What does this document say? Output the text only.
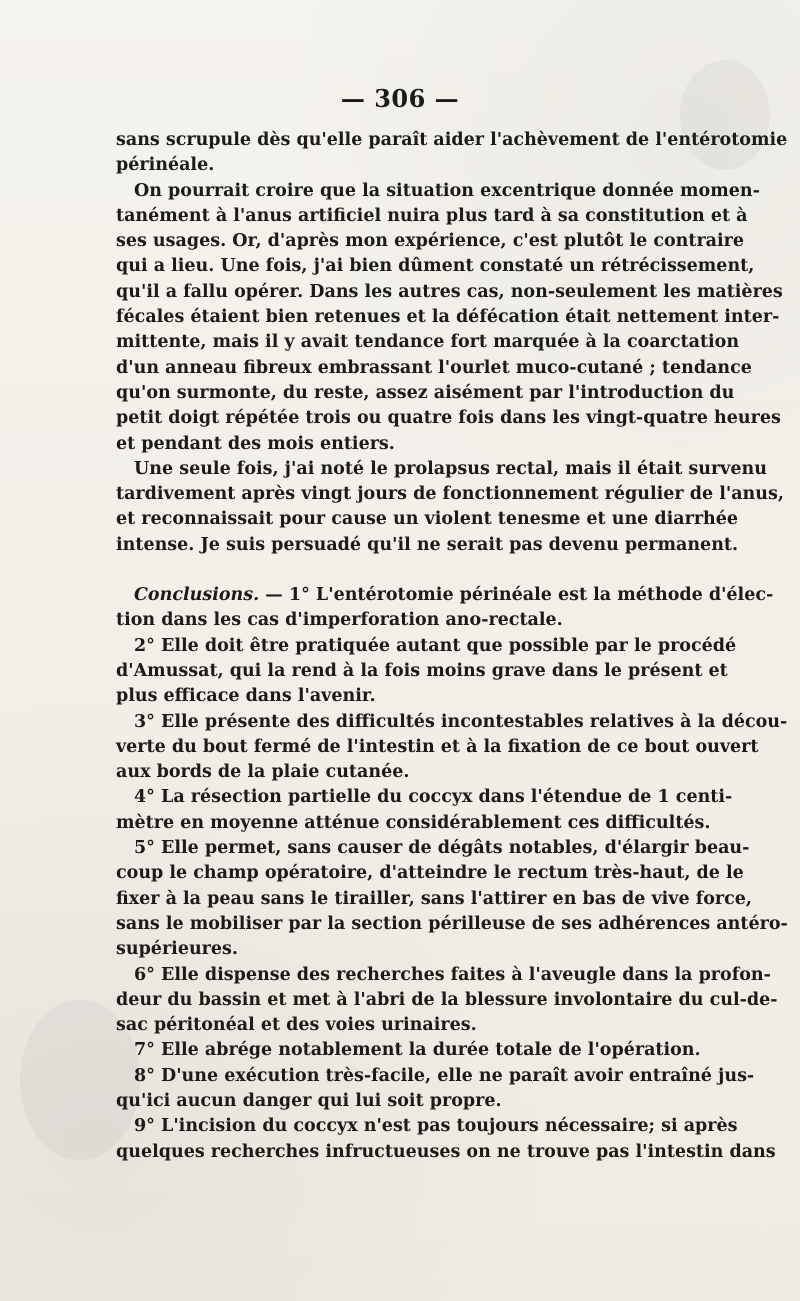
— 306 —
sans scrupule dès qu'elle paraît aider l'achèvement de l'entérotomie
périnéale.
On pourrait croire que la situation excentrique donnée momen-
tanément à l'anus artificiel nuira plus tard à sa constitution et à
ses usages. Or, d'après mon expérience, c'est plutôt le contraire
qui a lieu. Une fois, j'ai bien dûment constaté un rétrécissement,
qu'il a fallu opérer. Dans les autres cas, non-seulement les matières
fécales étaient bien retenues et la défécation était nettement inter-
mittente, mais il y avait tendance fort marquée à la coarctation
d'un anneau fibreux embrassant l'ourlet muco-cutané ; tendance
qu'on surmonte, du reste, assez aisément par l'introduction du
petit doigt répétée trois ou quatre fois dans les vingt-quatre heures
et pendant des mois entiers.
Une seule fois, j'ai noté le prolapsus rectal, mais il était survenu
tardivement après vingt jours de fonctionnement régulier de l'anus,
et reconnaissait pour cause un violent tenesme et une diarrhée
intense. Je suis persuadé qu'il ne serait pas devenu permanent.
Conclusions. — 1° L'entérotomie périnéale est la méthode d'élec-
tion dans les cas d'imperforation ano-rectale.
2° Elle doit être pratiquée autant que possible par le procédé
d'Amussat, qui la rend à la fois moins grave dans le présent et
plus efficace dans l'avenir.
3° Elle présente des difficultés incontestables relatives à la décou-
verte du bout fermé de l'intestin et à la fixation de ce bout ouvert
aux bords de la plaie cutanée.
4° La résection partielle du coccyx dans l'étendue de 1 centi-
mètre en moyenne atténue considérablement ces difficultés.
5° Elle permet, sans causer de dégâts notables, d'élargir beau-
coup le champ opératoire, d'atteindre le rectum très-haut, de le
fixer à la peau sans le tirailler, sans l'attirer en bas de vive force,
sans le mobiliser par la section périlleuse de ses adhérences antéro-
supérieures.
6° Elle dispense des recherches faites à l'aveugle dans la profon-
deur du bassin et met à l'abri de la blessure involontaire du cul-de-
sac péritonéal et des voies urinaires.
7° Elle abrége notablement la durée totale de l'opération.
8° D'une exécution très-facile, elle ne paraît avoir entraîné jus-
qu'ici aucun danger qui lui soit propre.
9° L'incision du coccyx n'est pas toujours nécessaire; si après
quelques recherches infructueuses on ne trouve pas l'intestin dans
